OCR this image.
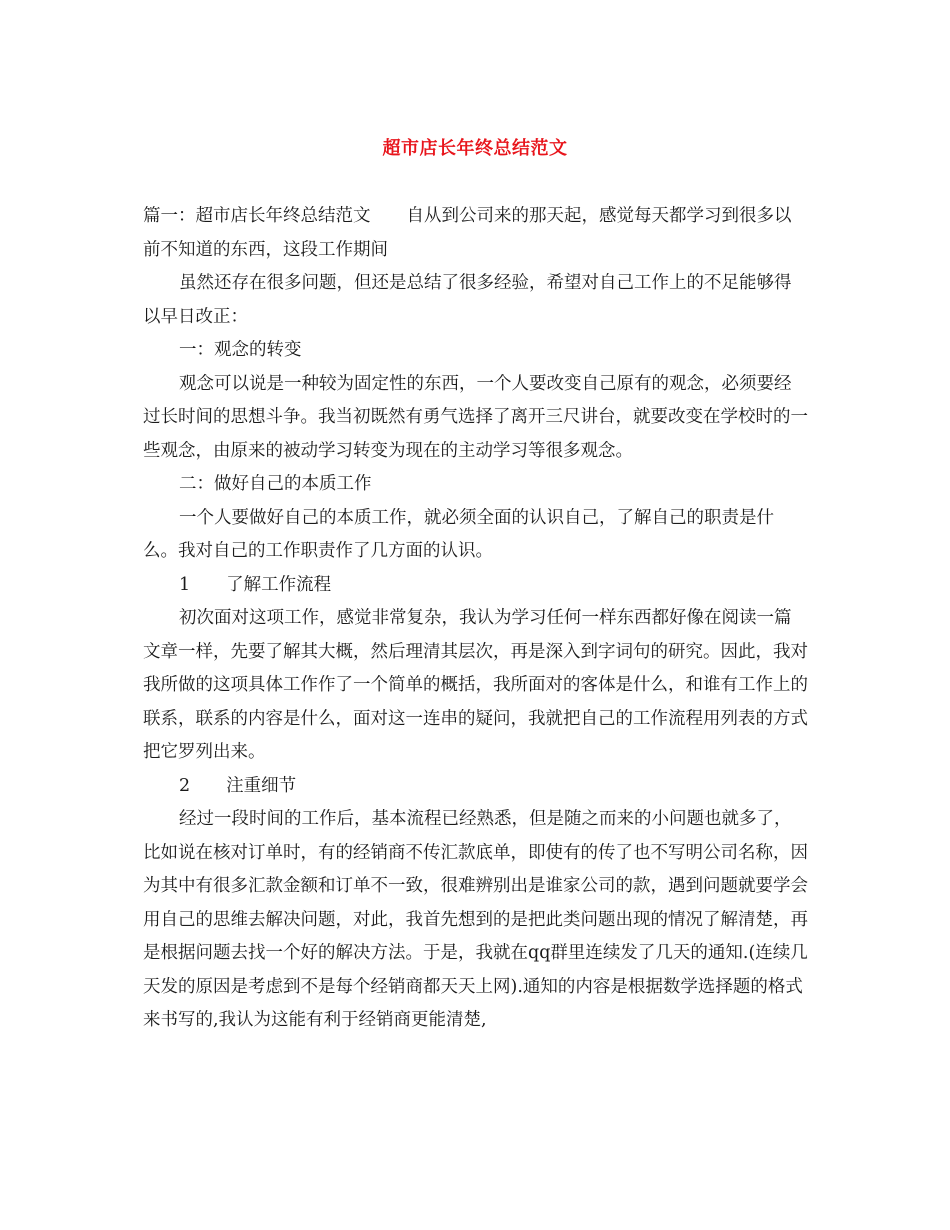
超市店长年终总结范文

篇一：超市店长年终总结范文 自从到公司来的那天起，感觉每天都学习到很多以前不知道的东西，这段工作期间

虽然还存在很多问题，但还是总结了很多经验，希望对自己工作上的不足能够得以早日改正：

一：观念的转变

观念可以说是一种较为固定性的东西，一个人要改变自己原有的观念，必须要经过长时间的思想斗争。我当初既然有勇气选择了离开三尺讲台，就要改变在学校时的一些观念，由原来的被动学习转变为现在的主动学习等很多观念。

二：做好自己的本质工作

一个人要做好自己的本质工作，就必须全面的认识自己，了解自己的职责是什么。我对自己的工作职责作了几方面的认识。

1 了解工作流程

初次面对这项工作，感觉非常复杂，我认为学习任何一样东西都好像在阅读一篇文章一样，先要了解其大概，然后理清其层次，再是深入到字词句的研究。因此，我对我所做的这项具体工作作了一个简单的概括，我所面对的客体是什么，和谁有工作上的联系，联系的内容是什么，面对这一连串的疑问，我就把自己的工作流程用列表的方式把它罗列出来。

2 注重细节

经过一段时间的工作后，基本流程已经熟悉，但是随之而来的小问题也就多了，比如说在核对订单时，有的经销商不传汇款底单，即使有的传了也不写明公司名称，因为其中有很多汇款金额和订单不一致，很难辨别出是谁家公司的款，遇到问题就要学会用自己的思维去解决问题，对此，我首先想到的是把此类问题出现的情况了解清楚，再是根据问题去找一个好的解决方法。于是，我就在qq群里连续发了几天的通知.(连续几天发的原因是考虑到不是每个经销商都天天上网).通知的内容是根据数学选择题的格式来书写的,我认为这能有利于经销商更能清楚,
